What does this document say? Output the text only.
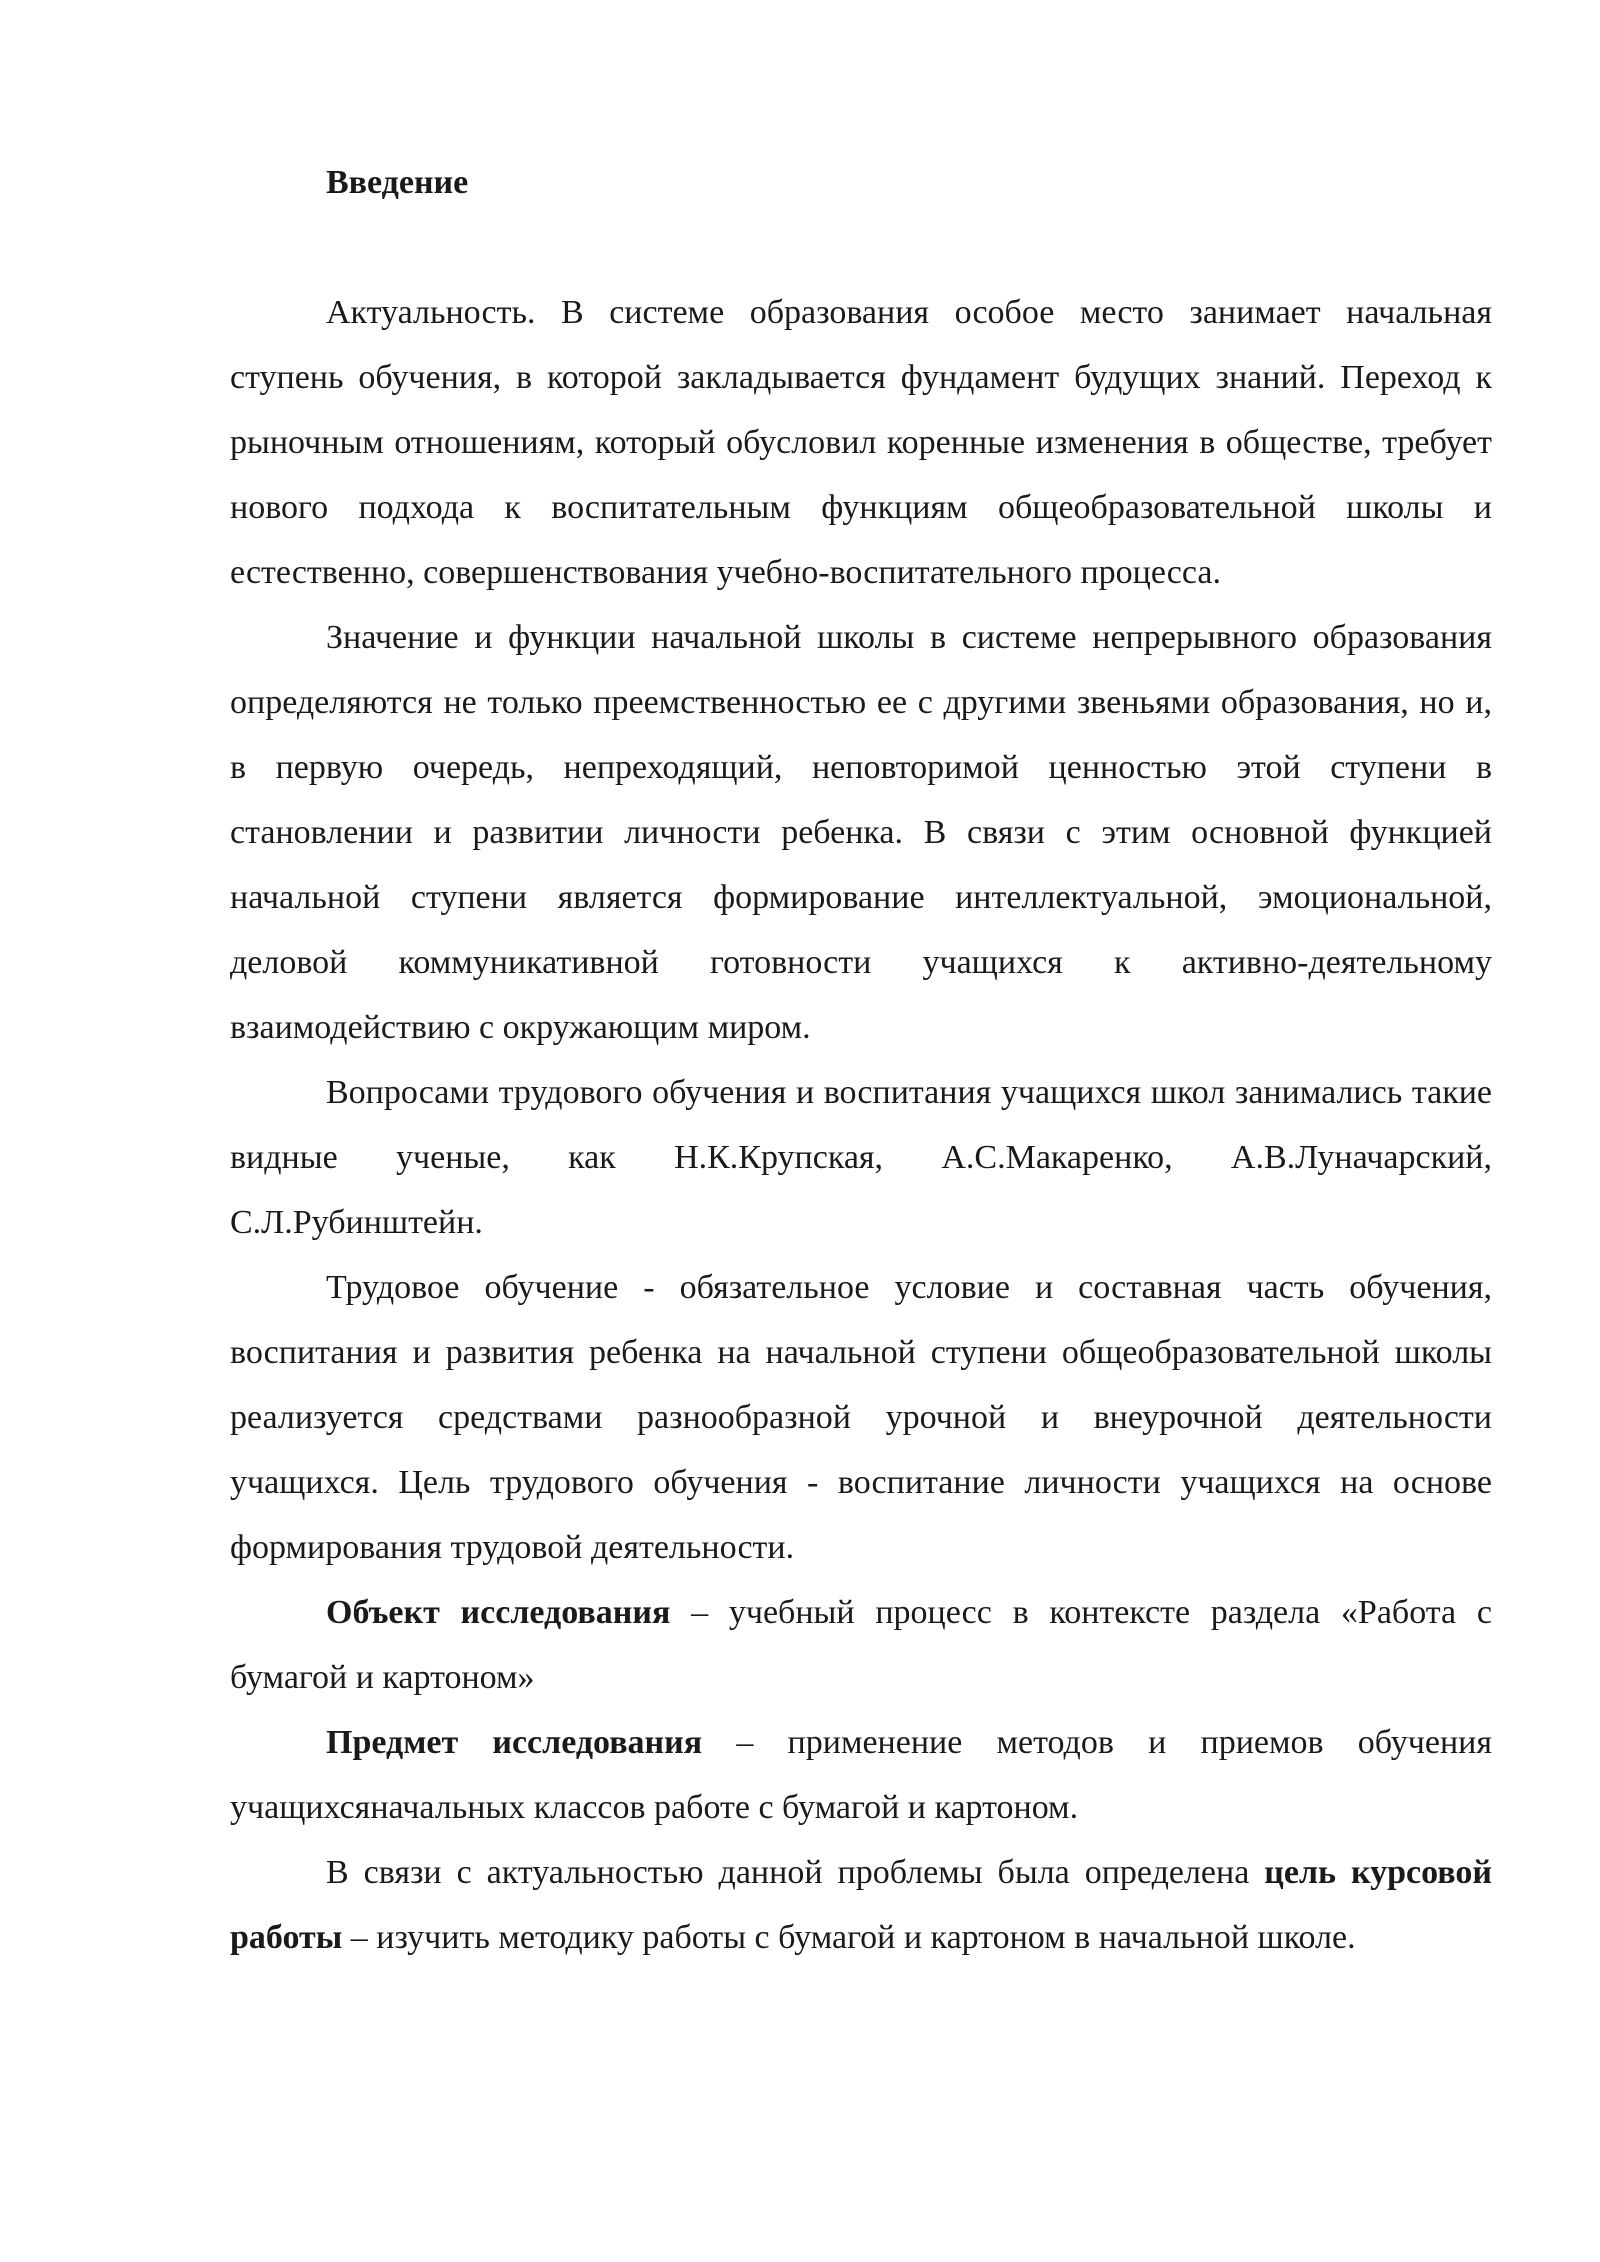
Введение

Актуальность. В системе образования особое место занимает начальная ступень обучения, в которой закладывается фундамент будущих знаний. Переход к рыночным отношениям, который обусловил коренные изменения в обществе, требует нового подхода к воспитательным функциям общеобразовательной школы и естественно, совершенствования учебно-воспитательного процесса.

Значение и функции начальной школы в системе непрерывного образования определяются не только преемственностью ее с другими звеньями образования, но и, в первую очередь, непреходящий, неповторимой ценностью этой ступени в становлении и развитии личности ребенка. В связи с этим основной функцией начальной ступени является формирование интеллектуальной, эмоциональной, деловой коммуникативной готовности учащихся к активно-деятельному взаимодействию с окружающим миром.

Вопросами трудового обучения и воспитания учащихся школ занимались такие видные ученые, как Н.К.Крупская, А.С.Макаренко, А.В.Луначарский, С.Л.Рубинштейн.

Трудовое обучение - обязательное условие и составная часть обучения, воспитания и развития ребенка на начальной ступени общеобразовательной школы реализуется средствами разнообразной урочной и внеурочной деятельности учащихся. Цель трудового обучения - воспитание личности учащихся на основе формирования трудовой деятельности.

Объект исследования – учебный процесс в контексте раздела «Работа с бумагой и картоном»

Предмет исследования – применение методов и приемов обучения учащихсяначальных классов работе с бумагой и картоном.

В связи с актуальностью данной проблемы была определена цель курсовой работы – изучить методику работы с бумагой и картоном в начальной школе.
